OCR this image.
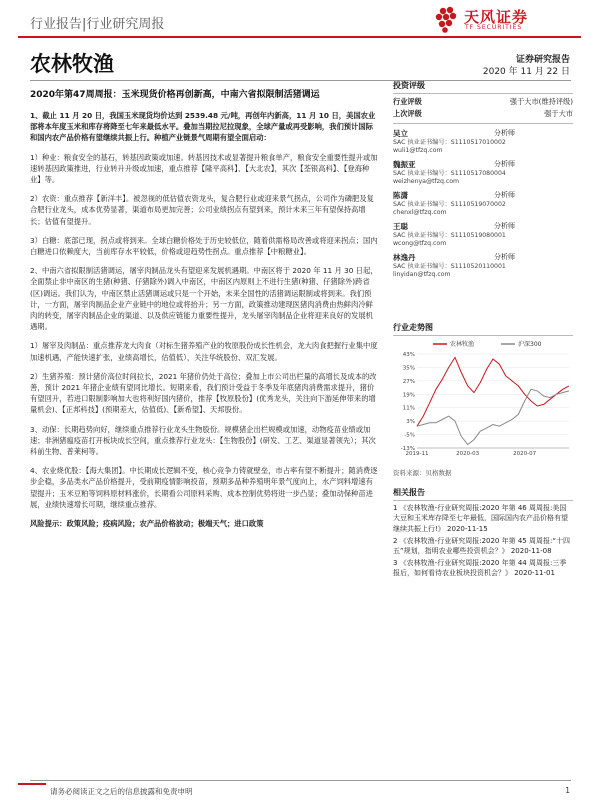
行业报告|行业研究周报	天风证券
TF SECURITIES
农林牧渔	证券研究报告
2020 年 11 月 22 日
2020年第47周周报：玉米现货价格再创新高，中南六省拟限制活猪调运

1、截止 11 月 20 日，我国玉米现货均价达到 2539.48 元/吨，再创年内新高，11 月 10 日，美国农业部将本年度玉米和库存将降至七年来最低水平。叠加当期拉尼拉现象，全球产量或再受影响，我们预计国际和国内农产品价格有望继续共振上行。种植产业链景气周期有望全面启动：

1）种业：粮食安全的基石，转基因政策或加速。转基因技术或显著提升粮食单产，粮食安全重要性提升或加速转基因政策推进，行业转升升级或加速，重点推荐【隆平高科】、【大北农】，其次【荃银高科】、【登海种业】等。

2）农资：重点推荐【新洋丰】。被忽视的低估值农资龙头，复合肥行业或迎来景气拐点，公司作为磷肥及复合肥行业龙头，成本优势显著，渠道布局更加完善；公司业绩拐点有望到来，预计未来三年有望保持高增长；估值有望提升。

3）白糖：底部已现，拐点或将到来。全球白糖价格处于历史较低位，随着供需格局改善或将迎来拐点；国内白糖进口依赖度大，当前库存水平较低，价格或迎趋势性拐点。重点推荐【中粮糖业】。

2、中南六省拟限制活猪调运，屠宰肉制品龙头有望迎来发展机遇期。中南区将于 2020 年 11 月 30 日起，全面禁止非中南区的生猪(种猪、仔猪除外)调入中南区，中南区内原则上不进行生猪(种猪、仔猪除外)跨省(区)调运。我们认为，中南区禁止活猪调运或只是一个开始，未来全国性的活猪调运限制或将到来。我们预计，一方面，屠宰肉制品企业产业链中的地位或将抬升；另一方面，政策推动建现医猪肉消费由热鲜肉冷鲜肉的转变，屠宰肉制品企业的渠道、以及供应链能力重要性提升，龙头屠宰肉制品企业将迎来良好的发展机遇期。

1）屠宰及肉制品：重点推荐龙大肉食（对标生猪养殖产业的牧原股份成长性机会，龙大肉食把握行业集中度加速机遇，产能快速扩张，业绩高增长，估值低），关注华统股份、双汇发展。

2）生猪养殖：预计猪价高位时间拉长，2021 年猪价仍处于高位；叠加上市公司出栏量的高增长及成本的改善，预计 2021 年猪企业绩有望同比增长。短期来看，我们预计受益于冬季及年底猪肉消费需求提升，猪价有望回升，若进口限制影响加大也将利好国内猪价，推荐【牧原股份】(优秀龙头，关注向下游延伸带来的增量机会)、【正邦科技】(预期差大，估值低)、【新希望】、天邦股份。

3、动保：长期趋势向好，继续重点推荐行业龙头生物股份。规模猪企出栏规模或加速，动物疫苗业绩或加速；非洲猪瘟疫苗打开板块成长空间，重点推荐行业龙头：【生物股份】(研发、工艺、渠道显著领先）；其次科前生物、普莱柯等。

4、农业烧优股：【海大集团】。中长期成长逻辑不变，核心竞争力铸就壁垒，市占率有望不断提升；随消费逐步企稳，多品类水产品价格提升，受前期疫情影响投苗，预期多品种养殖明年景气度向上，水产饲料增速有望提升；玉米豆粕等饲料原材料涨价，长期看公司原料采购、成本控制优势将进一步凸显；叠加动保种苗进展，业绩快速增长可期，继续重点推荐。

风险提示：政策风险；疫病风险；农产品价格波动；极端天气；进口政策

投资评级
行业评级	强于大市(维持评级)
上次评级	强于大市
吴立	分析师
SAC 执业证书编号：S1110517010002
wuli1@tfzq.com
魏振亚	分析师
SAC 执业证书编号：S1110517080004
weizhenya@tfzq.com
陈潇	分析师
SAC 执业证书编号：S1110519070002
chenxl@tfzq.com
王聪	分析师
SAC 执业证书编号：S1110519080001
wcong@tfzq.com
林逸丹	分析师
SAC 执业证书编号：S1110520110001
linyidan@tfzq.com
行业走势图
-13%
-5%
3%
11%
19%
27%
35%
43%
2019-11	2020-03	2020-07
农林牧渔	沪深300
资料来源：贝格数据
相关报告
1 《农林牧渔-行业研究周报:2020 年第 46 周周报:美国大豆和玉米库存降至七年最低，国际国内农产品价格有望继续共振上行!》 2020-11-15
2 《农林牧渔-行业研究周报:2020 年第 45 周周报:“十四五”规划，指明农业哪些投资机会？》 2020-11-08
3 《农林牧渔-行业研究周报:2020 年第 44 周周报:三季报后，如何看待农业板块投资机会？》 2020-11-01
请务必阅读正文之后的信息披露和免责申明	1
